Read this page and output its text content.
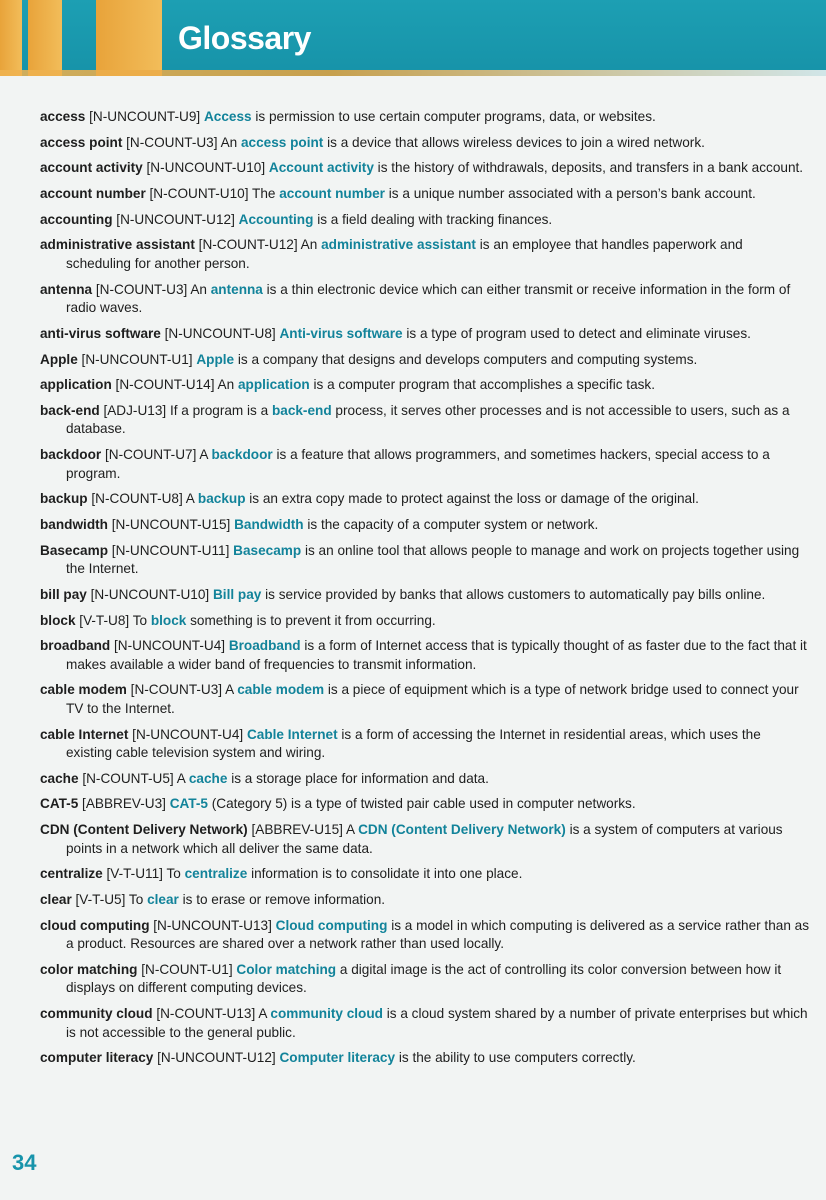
Glossary
access [N-UNCOUNT-U9] Access is permission to use certain computer programs, data, or websites.
access point [N-COUNT-U3] An access point is a device that allows wireless devices to join a wired network.
account activity [N-UNCOUNT-U10] Account activity is the history of withdrawals, deposits, and transfers in a bank account.
account number [N-COUNT-U10] The account number is a unique number associated with a person’s bank account.
accounting [N-UNCOUNT-U12] Accounting is a field dealing with tracking finances.
administrative assistant [N-COUNT-U12] An administrative assistant is an employee that handles paperwork and scheduling for another person.
antenna [N-COUNT-U3] An antenna is a thin electronic device which can either transmit or receive information in the form of radio waves.
anti-virus software [N-UNCOUNT-U8] Anti-virus software is a type of program used to detect and eliminate viruses.
Apple [N-UNCOUNT-U1] Apple is a company that designs and develops computers and computing systems.
application [N-COUNT-U14] An application is a computer program that accomplishes a specific task.
back-end [ADJ-U13] If a program is a back-end process, it serves other processes and is not accessible to users, such as a database.
backdoor [N-COUNT-U7] A backdoor is a feature that allows programmers, and sometimes hackers, special access to a program.
backup [N-COUNT-U8] A backup is an extra copy made to protect against the loss or damage of the original.
bandwidth [N-UNCOUNT-U15] Bandwidth is the capacity of a computer system or network.
Basecamp [N-UNCOUNT-U11] Basecamp is an online tool that allows people to manage and work on projects together using the Internet.
bill pay [N-UNCOUNT-U10] Bill pay is service provided by banks that allows customers to automatically pay bills online.
block [V-T-U8] To block something is to prevent it from occurring.
broadband [N-UNCOUNT-U4] Broadband is a form of Internet access that is typically thought of as faster due to the fact that it makes available a wider band of frequencies to transmit information.
cable modem [N-COUNT-U3] A cable modem is a piece of equipment which is a type of network bridge used to connect your TV to the Internet.
cable Internet [N-UNCOUNT-U4] Cable Internet is a form of accessing the Internet in residential areas, which uses the existing cable television system and wiring.
cache [N-COUNT-U5] A cache is a storage place for information and data.
CAT-5 [ABBREV-U3] CAT-5 (Category 5) is a type of twisted pair cable used in computer networks.
CDN (Content Delivery Network) [ABBREV-U15] A CDN (Content Delivery Network) is a system of computers at various points in a network which all deliver the same data.
centralize [V-T-U11] To centralize information is to consolidate it into one place.
clear [V-T-U5] To clear is to erase or remove information.
cloud computing [N-UNCOUNT-U13] Cloud computing is a model in which computing is delivered as a service rather than as a product. Resources are shared over a network rather than used locally.
color matching [N-COUNT-U1] Color matching a digital image is the act of controlling its color conversion between how it displays on different computing devices.
community cloud [N-COUNT-U13] A community cloud is a cloud system shared by a number of private enterprises but which is not accessible to the general public.
computer literacy [N-UNCOUNT-U12] Computer literacy is the ability to use computers correctly.
34
